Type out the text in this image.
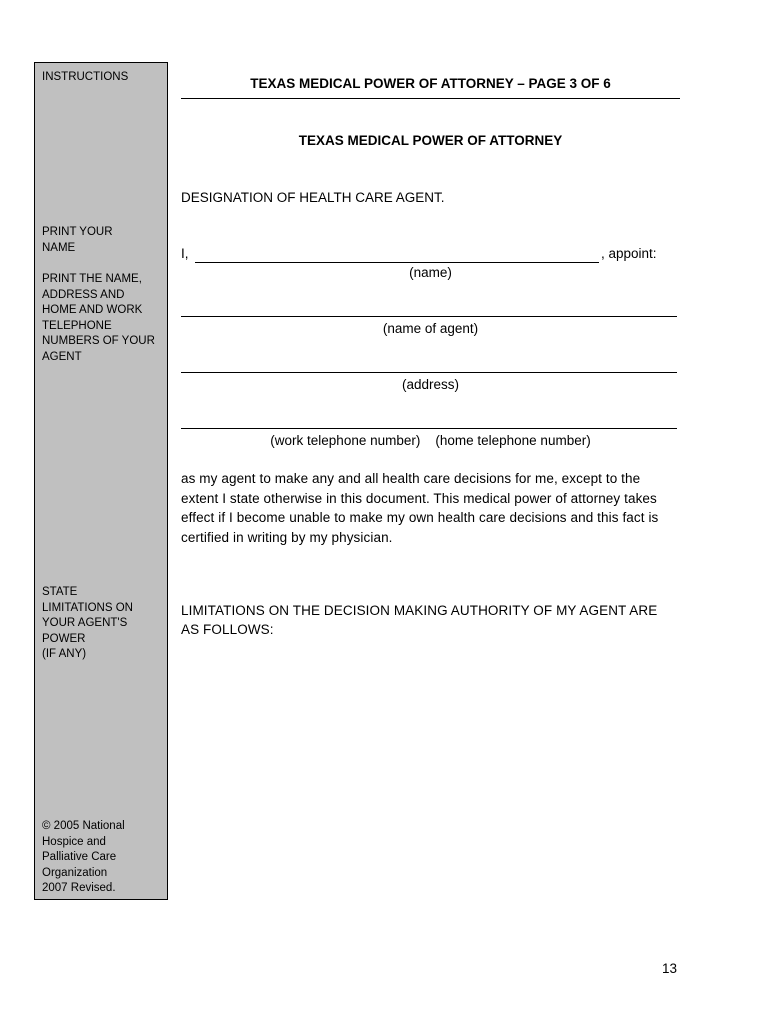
INSTRUCTIONS
PRINT YOUR
NAME
PRINT THE NAME,
ADDRESS AND
HOME AND WORK
TELEPHONE
NUMBERS OF YOUR
AGENT
STATE
LIMITATIONS ON
YOUR AGENT'S
POWER
(IF ANY)
© 2005 National
Hospice and
Palliative Care
Organization
2007 Revised.
TEXAS MEDICAL POWER OF ATTORNEY – PAGE 3 OF 6
TEXAS MEDICAL POWER OF ATTORNEY
DESIGNATION OF HEALTH CARE AGENT.
I,	, appoint:
(name)
(name of agent)
(address)
(work telephone number)    (home telephone number)
as my agent to make any and all health care decisions for me, except to the extent I state otherwise in this document. This medical power of attorney takes effect if I become unable to make my own health care decisions and this fact is certified in writing by my physician.
LIMITATIONS ON THE DECISION MAKING AUTHORITY OF MY AGENT ARE AS FOLLOWS:
13
